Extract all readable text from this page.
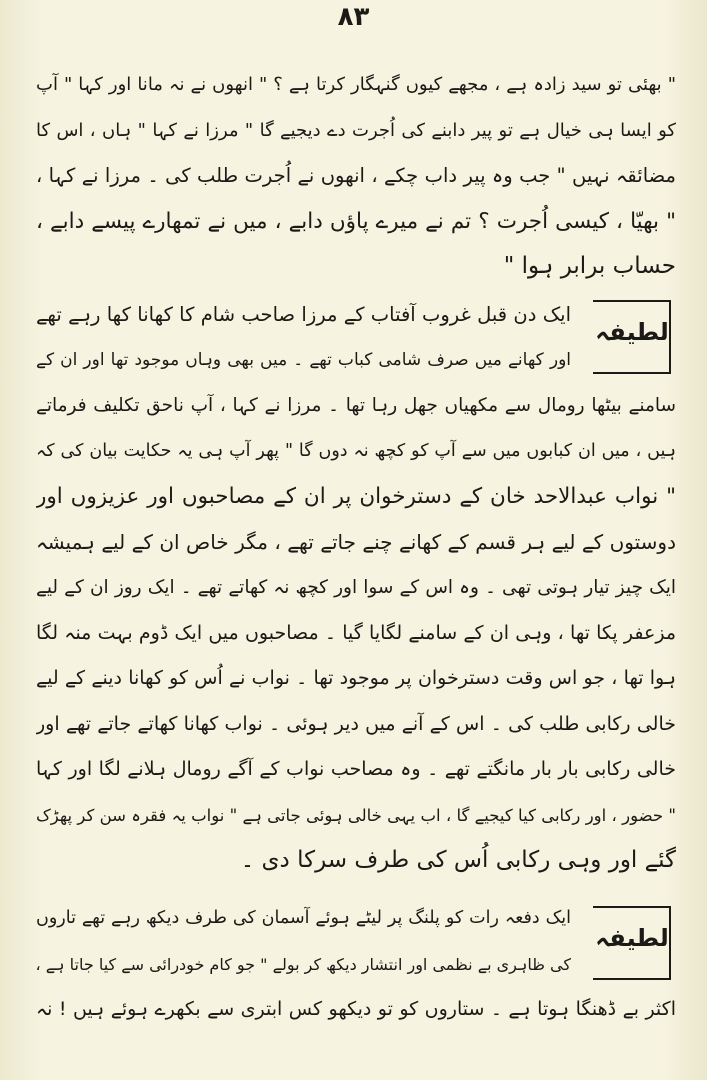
۸۳
" بھئی تو سید زادہ ہے ، مجھے کیوں گنہگار کرتا ہے ؟ " انھوں نے نہ مانا اور کہا " آپ
کو ایسا ہی خیال ہے تو پیر دابنے کی اُجرت دے دیجیے گا " مرزا نے کہا " ہاں ، اس کا
مضائقہ نہیں " جب وہ پیر داب چکے ، انھوں نے اُجرت طلب کی ۔ مرزا نے کہا ،
" بھیّا ، کیسی اُجرت ؟ تم نے میرے پاؤں دابے ، میں نے تمھارے پیسے دابے ،
حساب برابر ہوا "
لطیفہ
ایک دن قبل غروب آفتاب کے مرزا صاحب شام کا کھانا کھا رہے تھے
اور کھانے میں صرف شامی کباب تھے ۔ میں بھی وہاں موجود تھا اور ان کے
سامنے بیٹھا رومال سے مکھیاں جھل رہا تھا ۔ مرزا نے کہا ، آپ ناحق تکلیف فرماتے
ہیں ، میں ان کبابوں میں سے آپ کو کچھ نہ دوں گا " پھر آپ ہی یہ حکایت بیان کی کہ
" نواب عبدالاحد خان کے دسترخوان پر ان کے مصاحبوں اور عزیزوں اور
دوستوں کے لیے ہر قسم کے کھانے چنے جاتے تھے ، مگر خاص ان کے لیے ہمیشہ
ایک چیز تیار ہوتی تھی ۔ وہ اس کے سوا اور کچھ نہ کھاتے تھے ۔ ایک روز ان کے لیے
مزعفر پکا تھا ، وہی ان کے سامنے لگایا گیا ۔ مصاحبوں میں ایک ڈوم بہت منہ لگا
ہوا تھا ، جو اس وقت دسترخوان پر موجود تھا ۔ نواب نے اُس کو کھانا دینے کے لیے
خالی رکابی طلب کی ۔ اس کے آنے میں دیر ہوئی ۔ نواب کھانا کھاتے جاتے تھے اور
خالی رکابی بار بار مانگتے تھے ۔ وہ مصاحب نواب کے آگے رومال ہلانے لگا اور کہا
" حضور ، اور رکابی کیا کیجیے گا ، اب یہی خالی ہوئی جاتی ہے " نواب یہ فقرہ سن کر پھڑک
گئے اور وہی رکابی اُس کی طرف سرکا دی ۔
لطیفہ
ایک دفعہ رات کو پلنگ پر لیٹے ہوئے آسمان کی طرف دیکھ رہے تھے تاروں
کی ظاہری بے نظمی اور انتشار دیکھ کر بولے " جو کام خودرائی سے کیا جاتا ہے ،
اکثر بے ڈھنگا ہوتا ہے ۔ ستاروں کو تو دیکھو کس ابتری سے بکھرے ہوئے ہیں ! نہ
